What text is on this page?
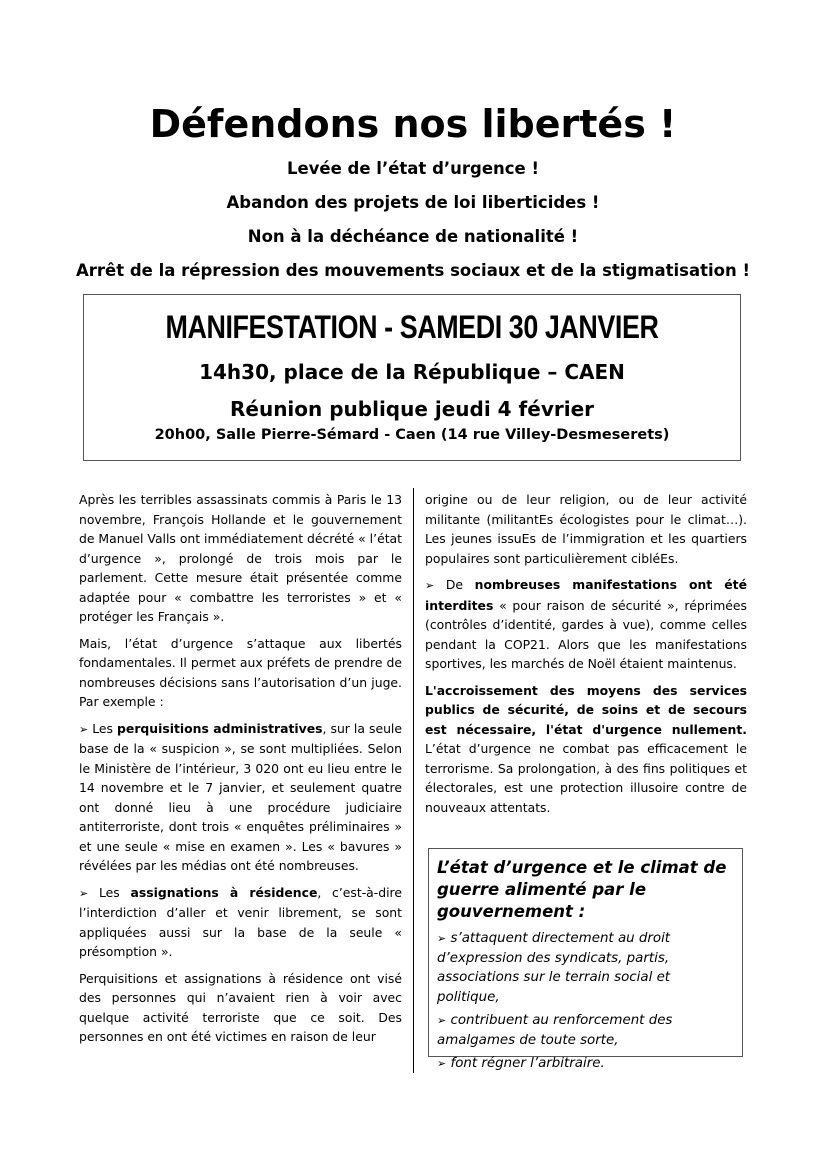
Défendons nos libertés !
Levée de l’état d’urgence !
Abandon des projets de loi liberticides !
Non à la déchéance de nationalité !
Arrêt de la répression des mouvements sociaux et de la stigmatisation !
MANIFESTATION - SAMEDI 30 JANVIER
14h30, place de la République – CAEN
Réunion publique jeudi 4 février
20h00, Salle Pierre-Sémard - Caen (14 rue Villey-Desmeserets)

Après les terribles assassinats commis à Paris le 13 novembre, François Hollande et le gouvernement de Manuel Valls ont immédiatement décrété « l’état d’urgence », prolongé de trois mois par le parlement. Cette mesure était présentée comme adaptée pour « combattre les terroristes » et « protéger les Français ».

Mais, l’état d’urgence s’attaque aux libertés fondamentales. Il permet aux préfets de prendre de nombreuses décisions sans l’autorisation d’un juge. Par exemple :

➢ Les perquisitions administratives, sur la seule base de la « suspicion », se sont multipliées. Selon le Ministère de l’intérieur, 3 020 ont eu lieu entre le 14 novembre et le 7 janvier, et seulement quatre ont donné lieu à une procédure judiciaire antiterroriste, dont trois « enquêtes préliminaires » et une seule « mise en examen ». Les « bavures » révélées par les médias ont été nombreuses.

➢ Les assignations à résidence, c’est-à-dire l’interdiction d’aller et venir librement, se sont appliquées aussi sur la base de la seule « présomption ».

Perquisitions et assignations à résidence ont visé des personnes qui n’avaient rien à voir avec quelque activité terroriste que ce soit. Des personnes en ont été victimes en raison de leur

origine ou de leur religion, ou de leur activité militante (militantEs écologistes pour le climat…). Les jeunes issuEs de l’immigration et les quartiers populaires sont particulièrement cibléEs.

➢ De nombreuses manifestations ont été interdites « pour raison de sécurité », réprimées (contrôles d’identité, gardes à vue), comme celles pendant la COP21. Alors que les manifestations sportives, les marchés de Noël étaient maintenus.

L'accroissement des moyens des services publics de sécurité, de soins et de secours est nécessaire, l'état d'urgence nullement. L’état d’urgence ne combat pas efficacement le terrorisme. Sa prolongation, à des fins politiques et électorales, est une protection illusoire contre de nouveaux attentats.

L’état d’urgence et le climat de guerre alimenté par le gouvernement :
➢ s’attaquent directement au droit d’expression des syndicats, partis, associations sur le terrain social et politique,
➢ contribuent au renforcement des amalgames de toute sorte,
➢ font régner l’arbitraire.
